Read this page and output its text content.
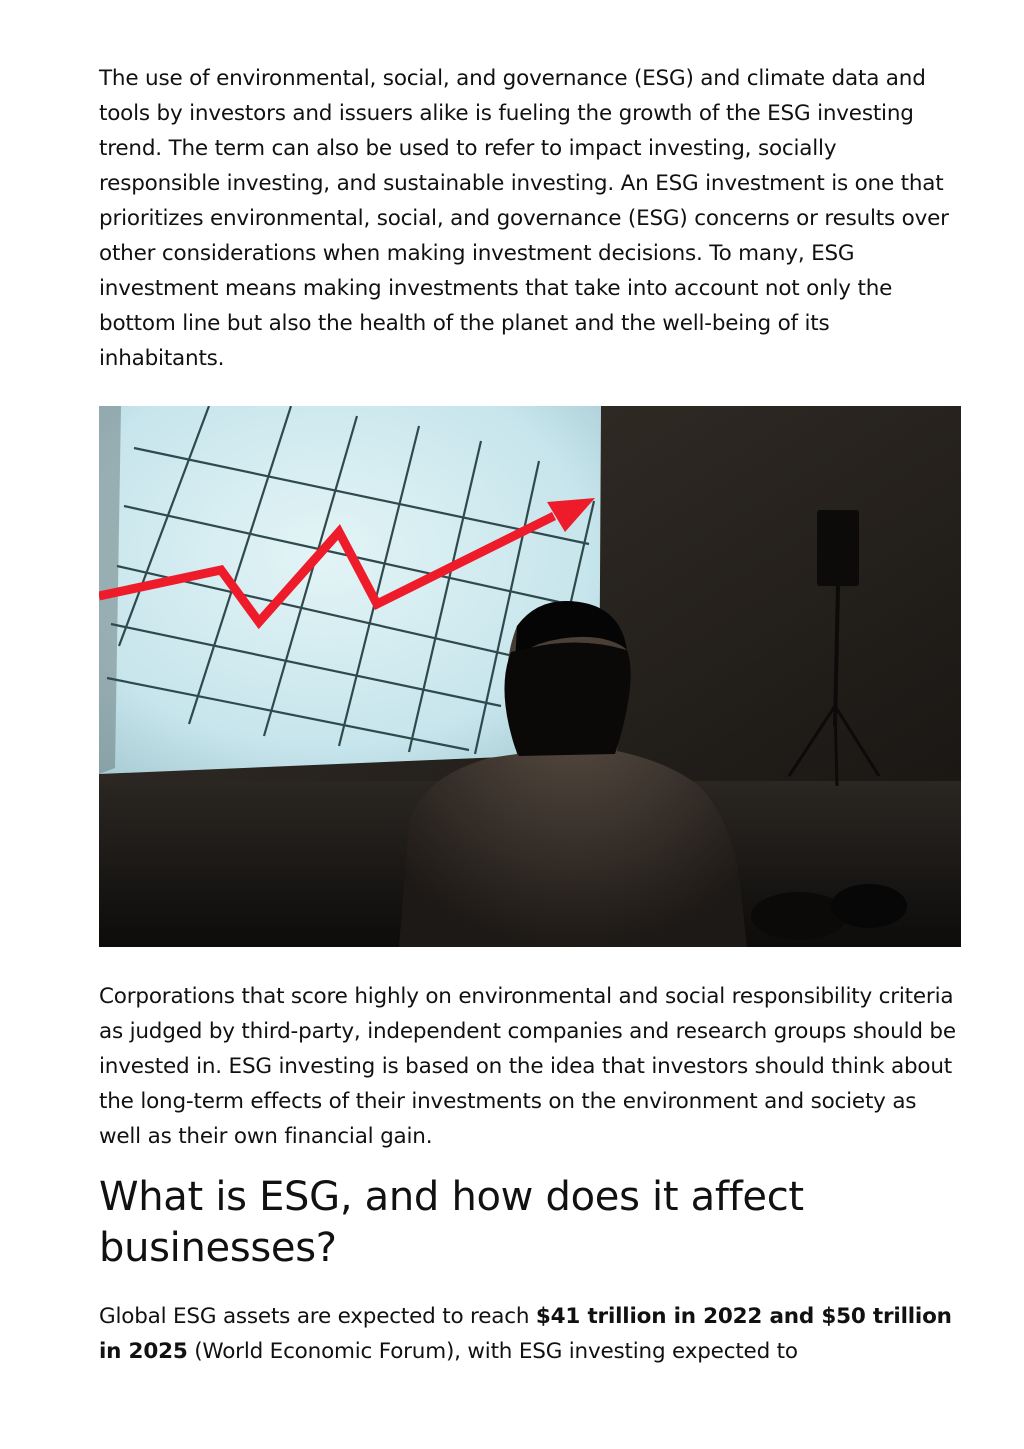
The use of environmental, social, and governance (ESG) and climate data and tools by investors and issuers alike is fueling the growth of the ESG investing trend. The term can also be used to refer to impact investing, socially responsible investing, and sustainable investing. An ESG investment is one that prioritizes environmental, social, and governance (ESG) concerns or results over other considerations when making investment decisions. To many, ESG investment means making investments that take into account not only the bottom line but also the health of the planet and the well-being of its inhabitants.

Corporations that score highly on environmental and social responsibility criteria as judged by third-party, independent companies and research groups should be invested in. ESG investing is based on the idea that investors should think about the long-term effects of their investments on the environment and society as well as their own financial gain.

What is ESG, and how does it affect businesses?

Global ESG assets are expected to reach $41 trillion in 2022 and $50 trillion in 2025 (World Economic Forum), with ESG investing expected to
